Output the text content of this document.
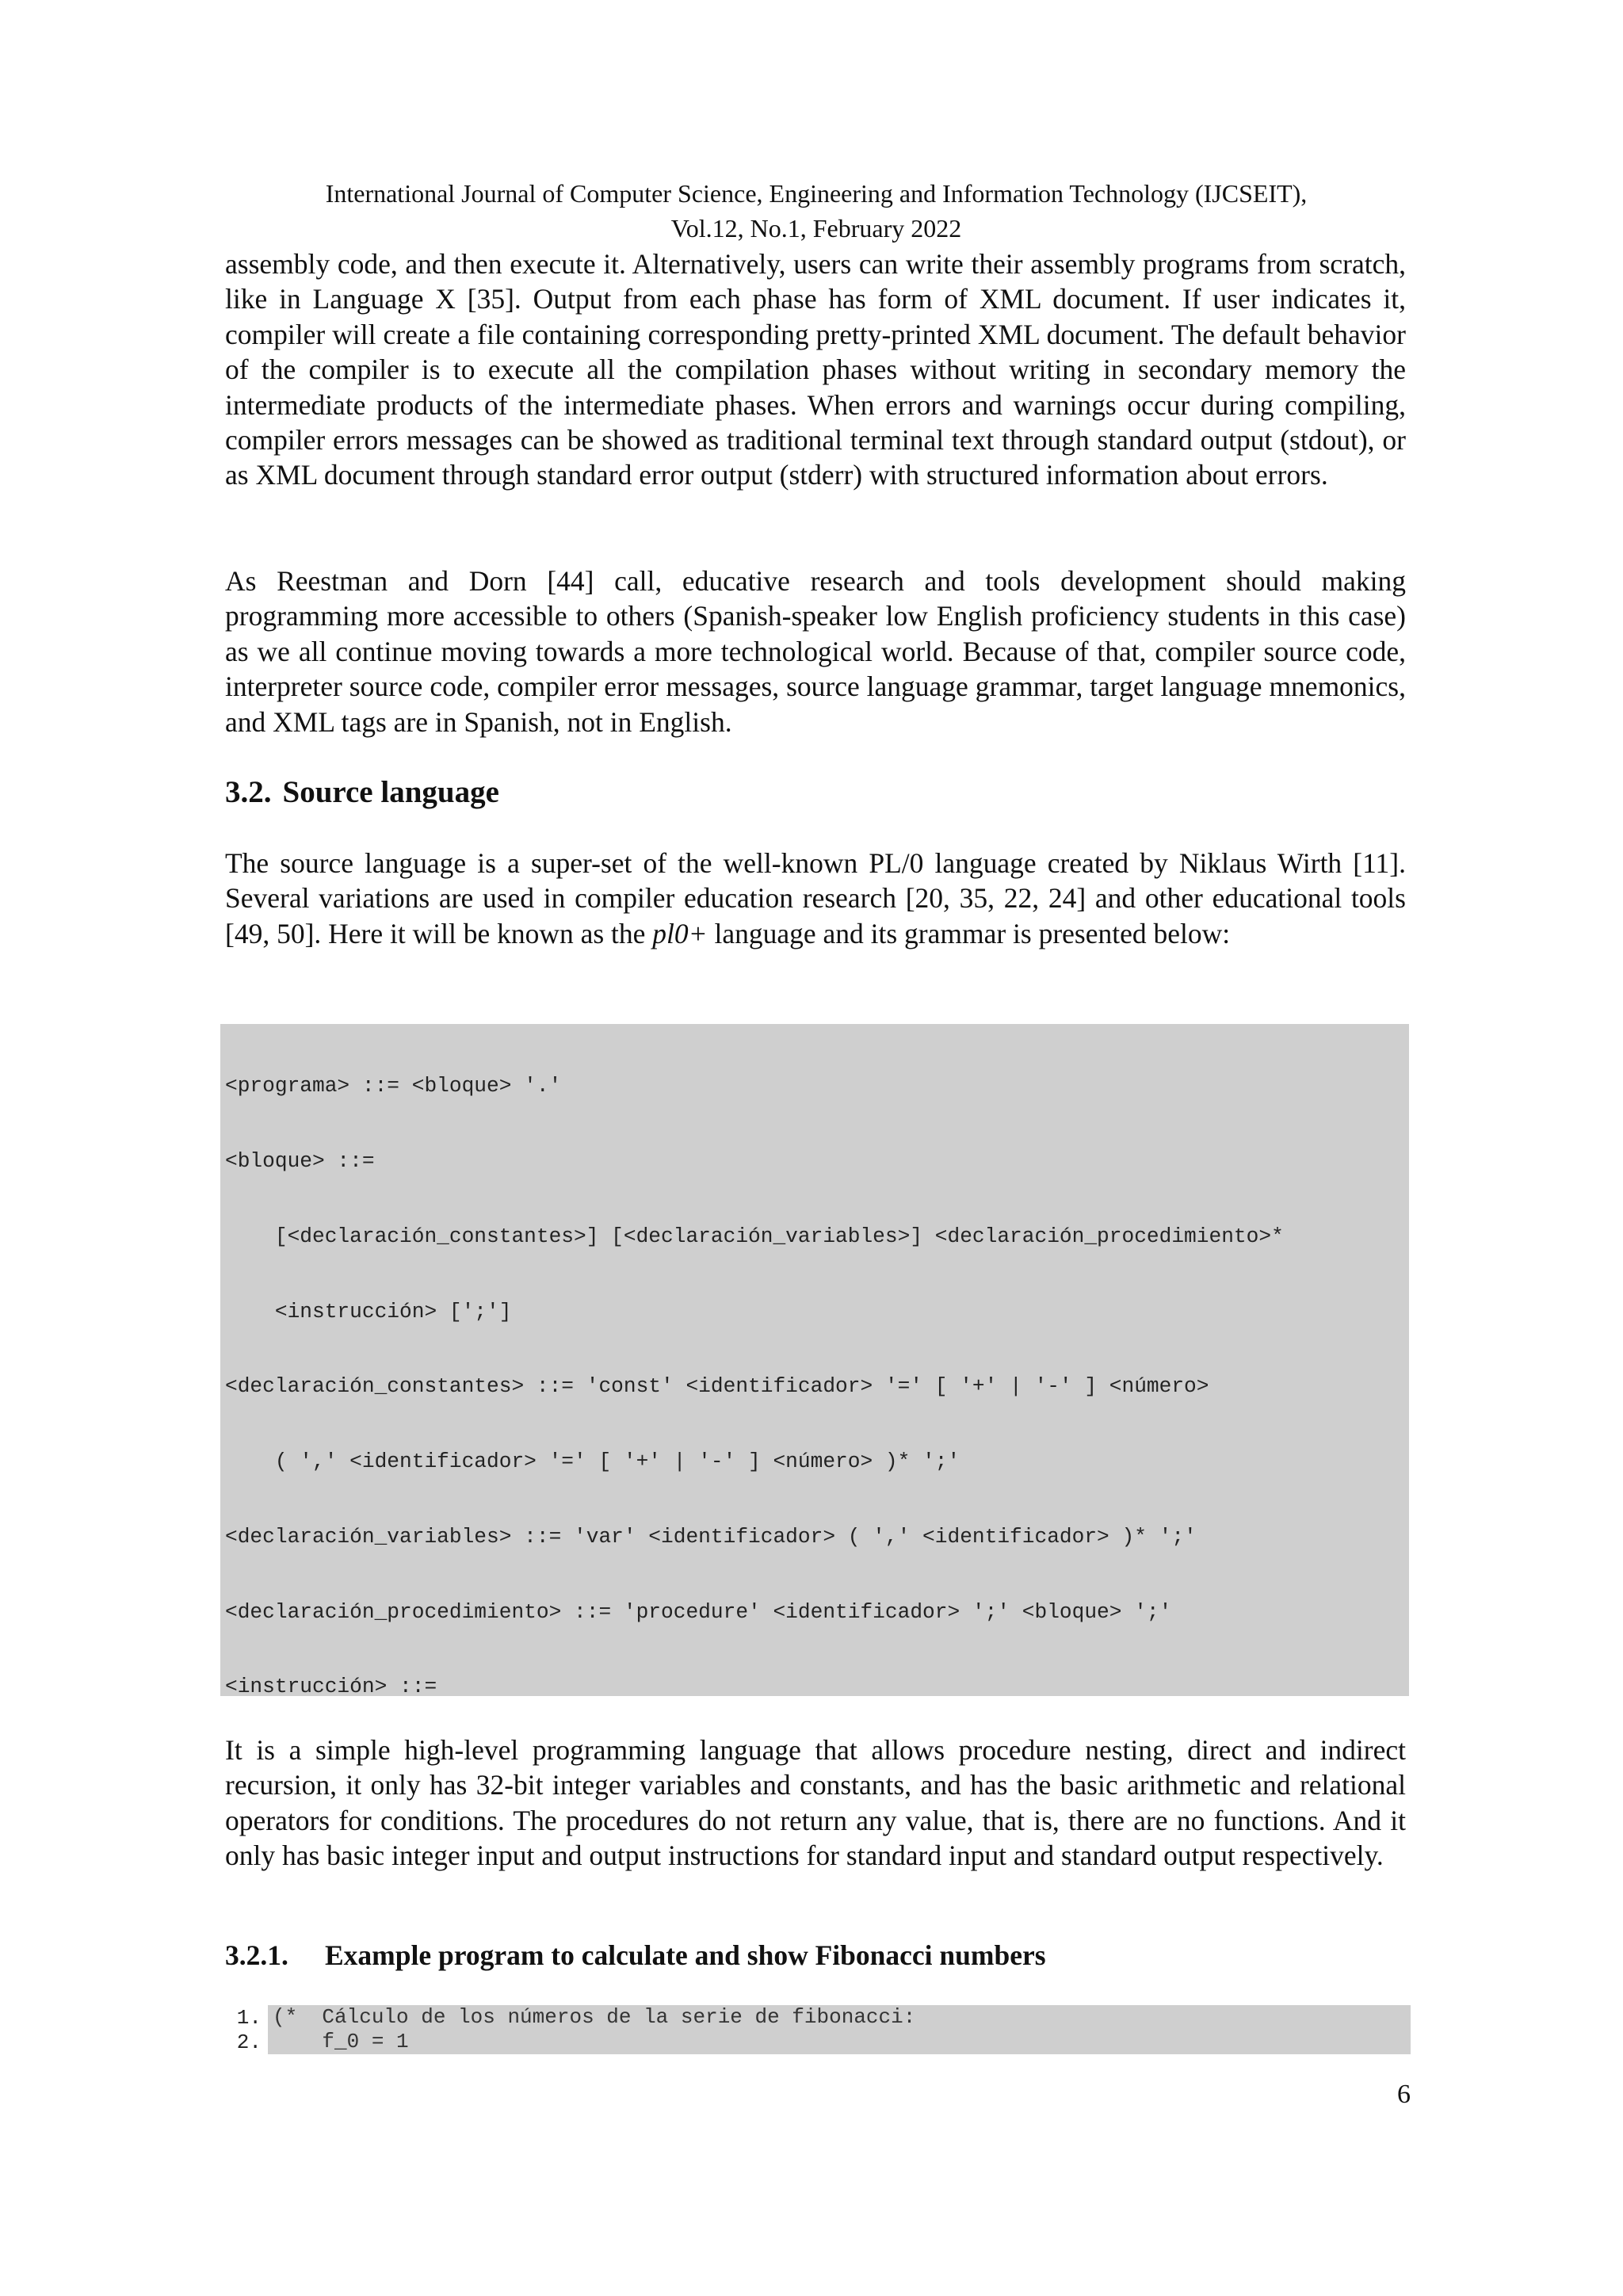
International Journal of Computer Science, Engineering and Information Technology (IJCSEIT),
Vol.12, No.1, February 2022

assembly code, and then execute it. Alternatively, users can write their assembly programs from scratch, like in Language X [35]. Output from each phase has form of XML document. If user indicates it, compiler will create a file containing corresponding pretty-printed XML document. The default behavior of the compiler is to execute all the compilation phases without writing in secondary memory the intermediate products of the intermediate phases. When errors and warnings occur during compiling, compiler errors messages can be showed as traditional terminal text through standard output (stdout), or as XML document through standard error output (stderr) with structured information about errors.

As Reestman and Dorn [44] call, educative research and tools development should making programming more accessible to others (Spanish-speaker low English proficiency students in this case) as we all continue moving towards a more technological world. Because of that, compiler source code, interpreter source code, compiler error messages, source language grammar, target language mnemonics, and XML tags are in Spanish, not in English.

3.2. Source language

The source language is a super-set of the well-known PL/0 language created by Niklaus Wirth [11]. Several variations are used in compiler education research [20, 35, 22, 24] and other educational tools [49, 50]. Here it will be known as the pl0+ language and its grammar is presented below:

<programa> ::= <bloque> '.'

<bloque> ::=

[<declaración_constantes>] [<declaración_variables>] <declaración_procedimiento>*

<instrucción> [';']

<declaración_constantes> ::= 'const' <identificador> '=' [ '+' | '-' ] <número>

( ',' <identificador> '=' [ '+' | '-' ] <número> )* ';'

<declaración_variables> ::= 'var' <identificador> ( ',' <identificador> )* ';'

<declaración_procedimiento> ::= 'procedure' <identificador> ';' <bloque> ';'

<instrucción> ::=

It is a simple high-level programming language that allows procedure nesting, direct and indirect recursion, it only has 32-bit integer variables and constants, and has the basic arithmetic and relational operators for conditions. The procedures do not return any value, that is, there are no functions. And it only has basic integer input and output instructions for standard input and standard output respectively.

3.2.1. Example program to calculate and show Fibonacci numbers
1. (*  Cálculo de los números de la serie de fibonacci:
2. f_0 = 1
6
